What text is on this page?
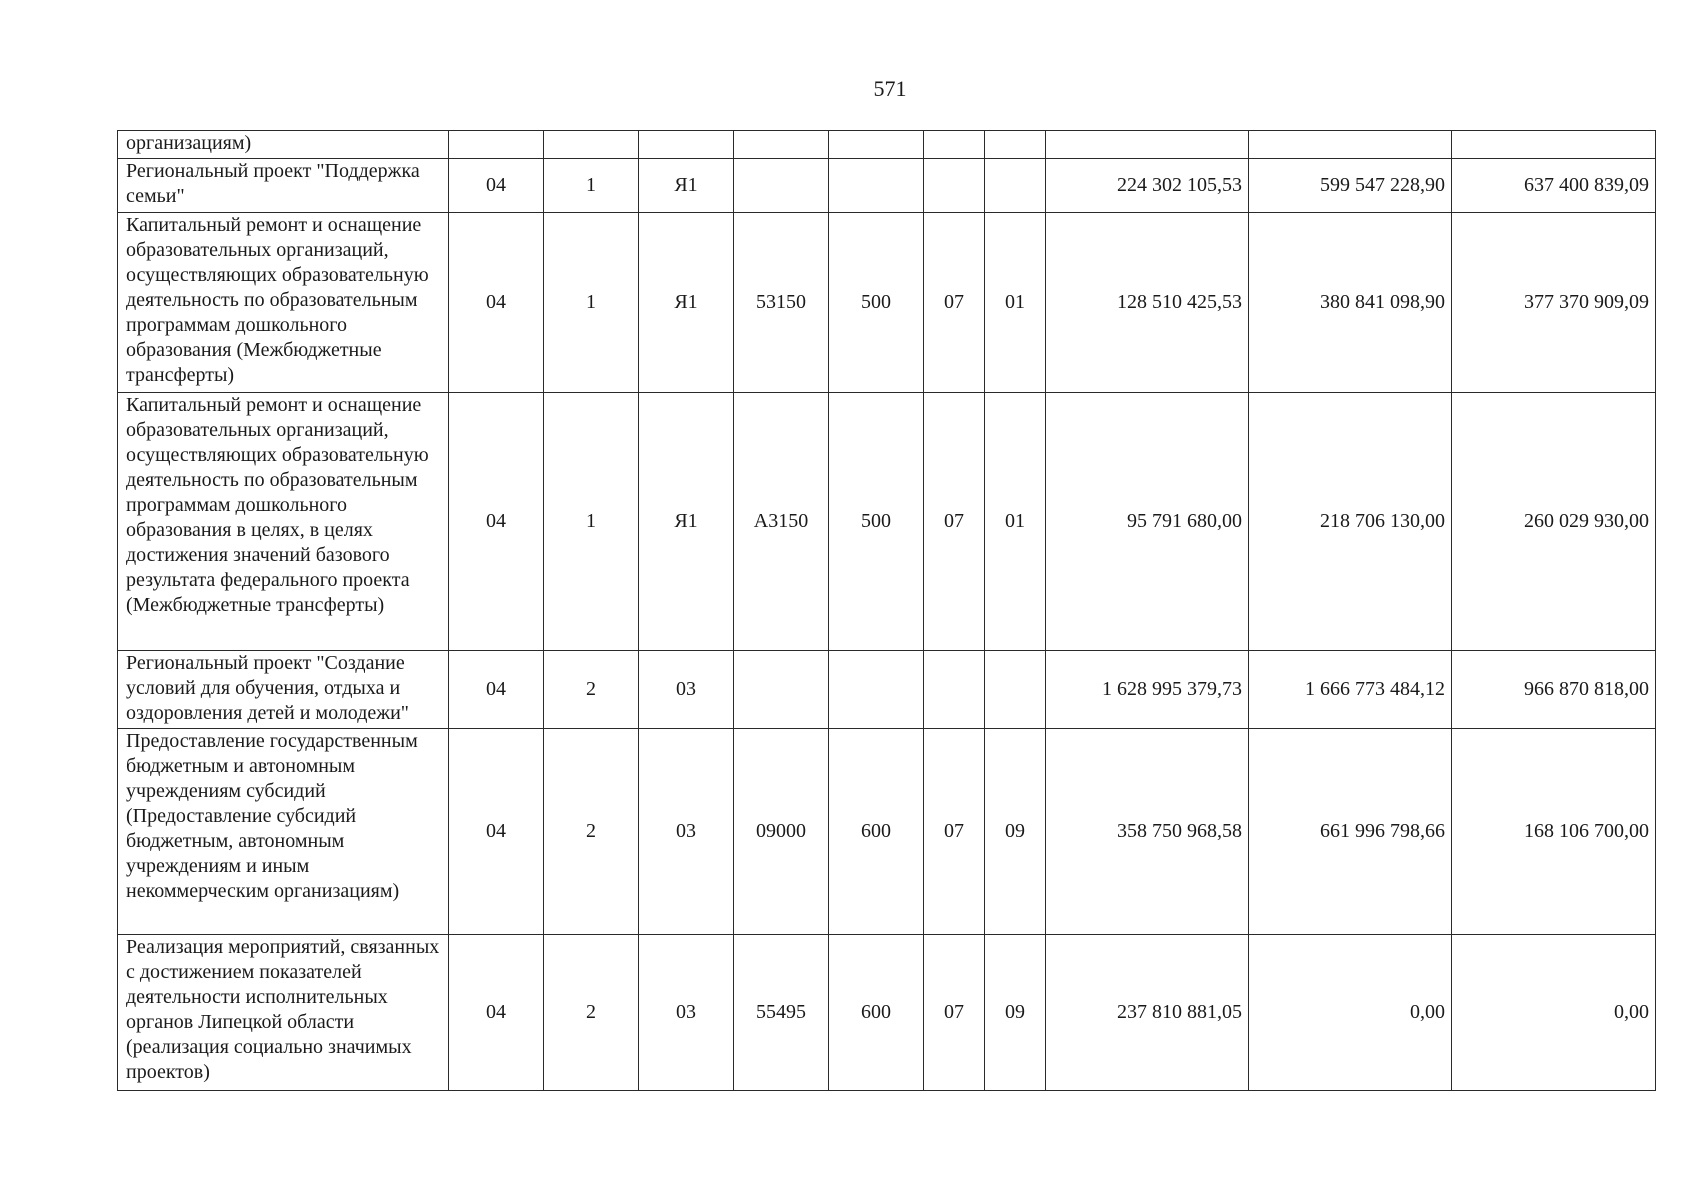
571
организациям)										
Региональный проект "Поддержка семьи"	04	1	Я1					224 302 105,53	599 547 228,90	637 400 839,09
Капитальный ремонт и оснащение образовательных организаций, осуществляющих образовательную деятельность по образовательным программам дошкольного образования (Межбюджетные трансферты)	04	1	Я1	53150	500	07	01	128 510 425,53	380 841 098,90	377 370 909,09
Капитальный ремонт и оснащение образовательных организаций, осуществляющих образовательную деятельность по образовательным программам дошкольного образования в целях, в целях достижения значений базового результата федерального проекта (Межбюджетные трансферты)	04	1	Я1	А3150	500	07	01	95 791 680,00	218 706 130,00	260 029 930,00
Региональный проект "Создание условий для обучения, отдыха и оздоровления детей и молодежи"	04	2	03					1 628 995 379,73	1 666 773 484,12	966 870 818,00
Предоставление государственным бюджетным и автономным учреждениям субсидий (Предоставление субсидий бюджетным, автономным учреждениям и иным некоммерческим организациям)	04	2	03	09000	600	07	09	358 750 968,58	661 996 798,66	168 106 700,00
Реализация мероприятий, связанных с достижением показателей деятельности исполнительных органов Липецкой области (реализация социально значимых проектов)	04	2	03	55495	600	07	09	237 810 881,05	0,00	0,00
